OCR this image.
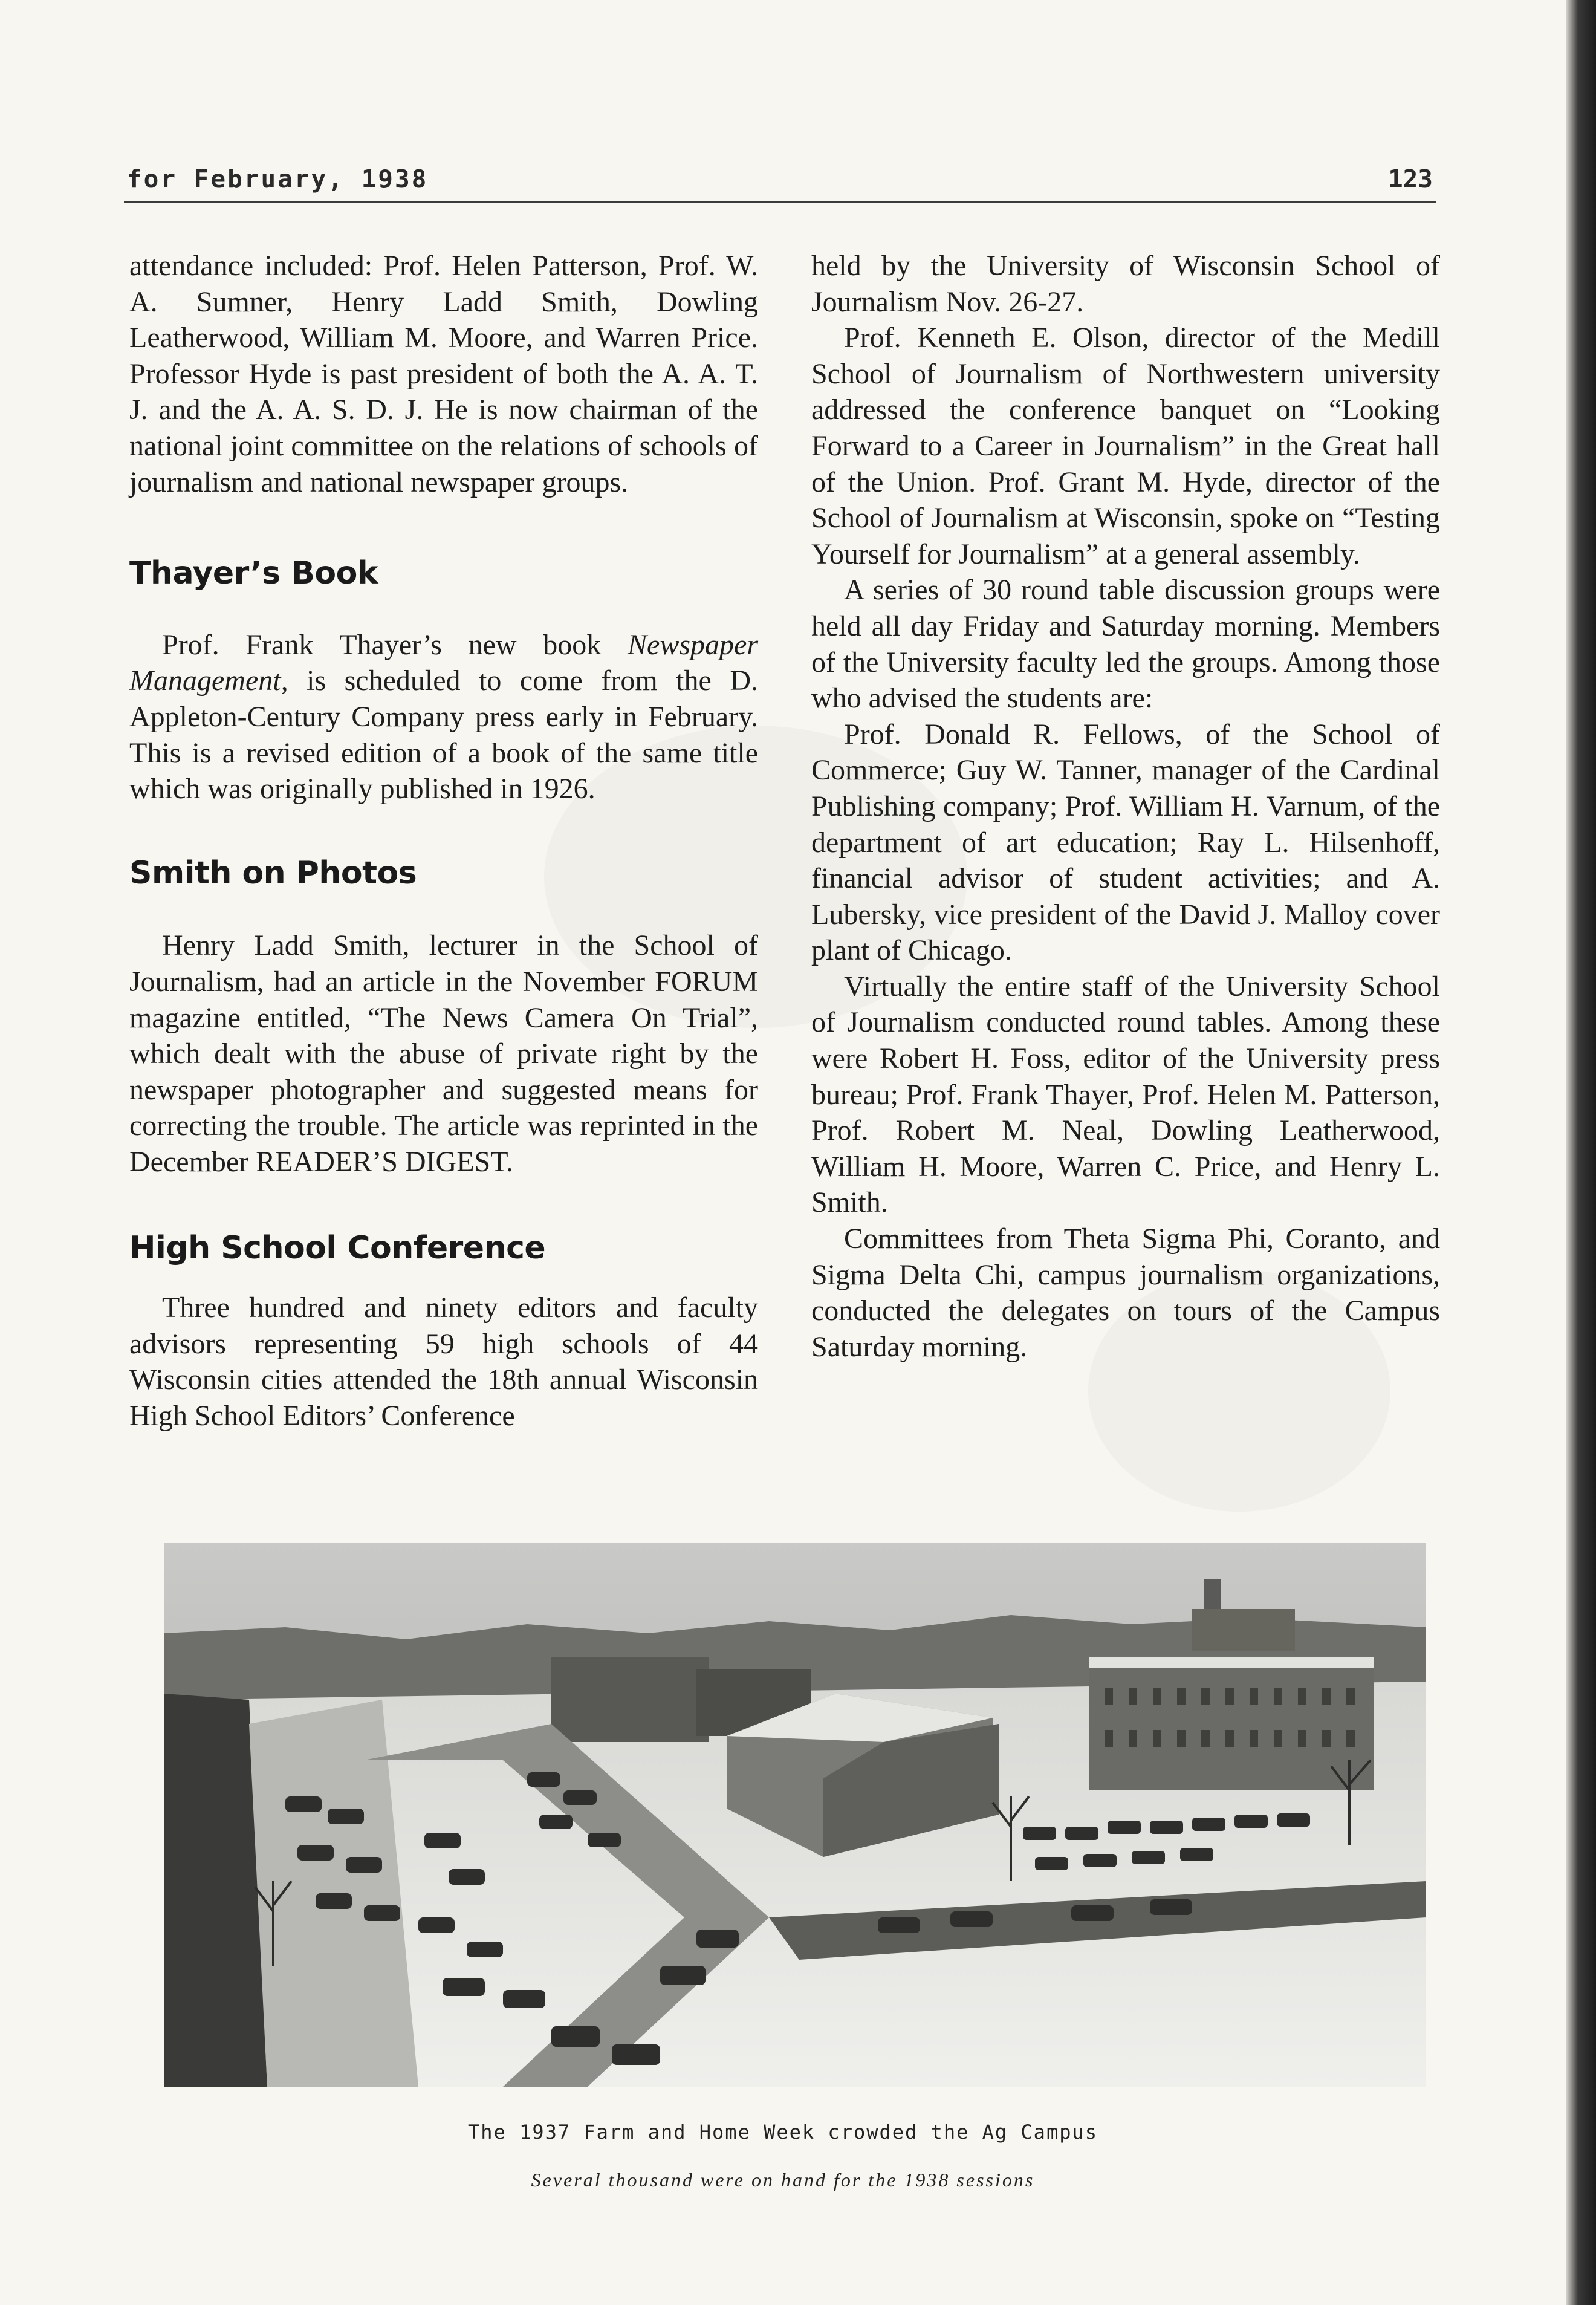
for February, 1938	123

attendance included: Prof. Helen Patterson, Prof. W. A. Sumner, Henry Ladd Smith, Dowling Leatherwood, William M. Moore, and Warren Price. Professor Hyde is past president of both the A. A. T. J. and the A. A. S. D. J. He is now chairman of the national joint committee on the relations of schools of journalism and national newspaper groups.

Thayer’s Book

Prof. Frank Thayer’s new book Newspaper Management, is scheduled to come from the D. Appleton-Century Company press early in February. This is a revised edition of a book of the same title which was originally published in 1926.

Smith on Photos

Henry Ladd Smith, lecturer in the School of Journalism, had an article in the November FORUM magazine entitled, “The News Camera On Trial”, which dealt with the abuse of private right by the newspaper photographer and suggested means for correcting the trouble. The article was reprinted in the December READER’S DIGEST.

High School Conference

Three hundred and ninety editors and faculty advisors representing 59 high schools of 44 Wisconsin cities attended the 18th annual Wisconsin High School Editors’ Conference

held by the University of Wisconsin School of Journalism Nov. 26-27.

Prof. Kenneth E. Olson, director of the Medill School of Journalism of Northwestern university addressed the conference banquet on “Looking Forward to a Career in Journalism” in the Great hall of the Union. Prof. Grant M. Hyde, director of the School of Journalism at Wisconsin, spoke on “Testing Yourself for Journalism” at a general assembly.

A series of 30 round table discussion groups were held all day Friday and Saturday morning. Members of the University faculty led the groups. Among those who advised the students are:

Prof. Donald R. Fellows, of the School of Commerce; Guy W. Tanner, manager of the Cardinal Publishing company; Prof. William H. Varnum, of the department of art education; Ray L. Hilsenhoff, financial advisor of student activities; and A. Lubersky, vice president of the David J. Malloy cover plant of Chicago.

Virtually the entire staff of the University School of Journalism conducted round tables. Among these were Robert H. Foss, editor of the University press bureau; Prof. Frank Thayer, Prof. Helen M. Patterson, Prof. Robert M. Neal, Dowling Leatherwood, William H. Moore, Warren C. Price, and Henry L. Smith.

Committees from Theta Sigma Phi, Coranto, and Sigma Delta Chi, campus journalism organizations, conducted the delegates on tours of the Campus Saturday morning.

The 1937 Farm and Home Week crowded the Ag Campus
Several thousand were on hand for the 1938 sessions
